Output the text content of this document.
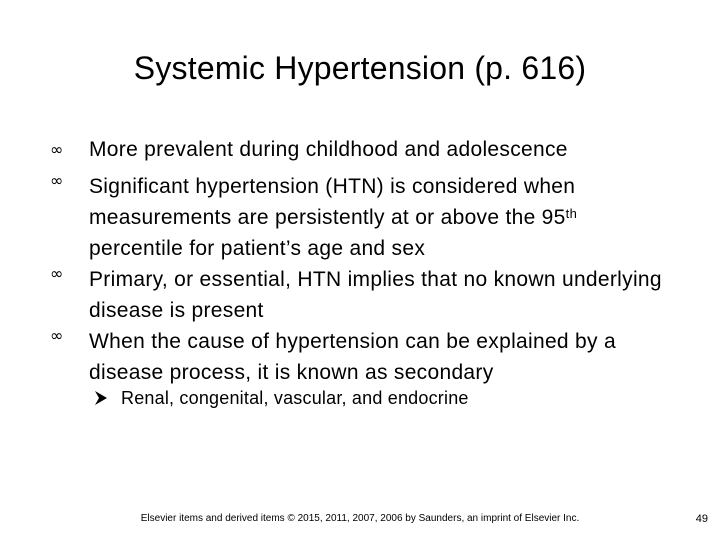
Systemic Hypertension (p. 616)
∞	More prevalent during childhood and adolescence
∞	Significant hypertension (HTN) is considered when measurements are persistently at or above the 95th percentile for patient’s age and sex
∞	Primary, or essential, HTN implies that no known underlying disease is present
∞	When the cause of hypertension can be explained by a disease process, it is known as secondary
Renal, congenital, vascular, and endocrine
Elsevier items and derived items © 2015, 2011, 2007, 2006 by Saunders, an imprint of Elsevier Inc.	49
